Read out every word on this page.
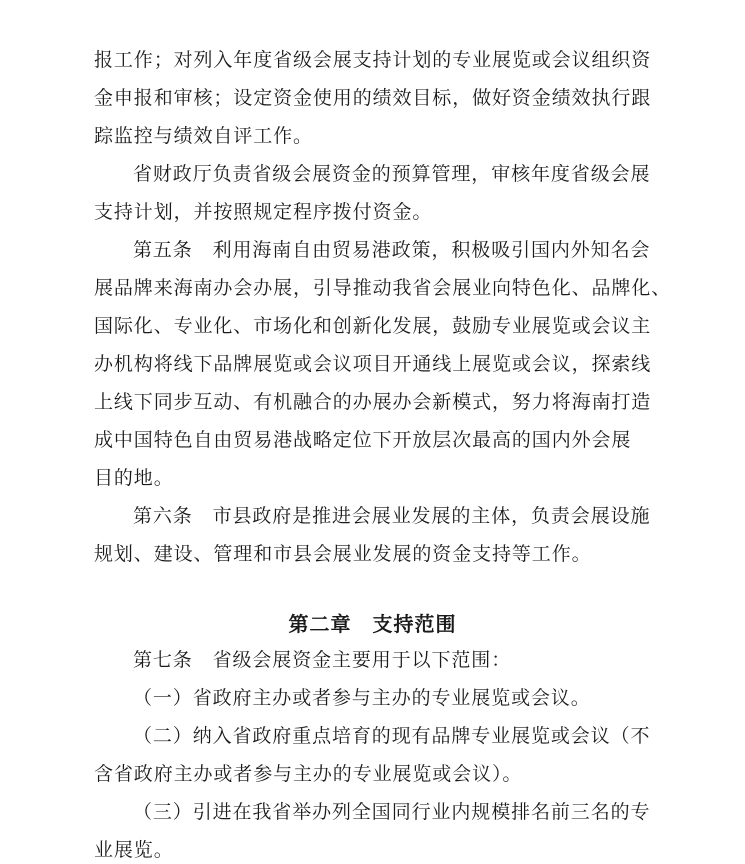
报工作；对列入年度省级会展支持计划的专业展览或会议组织资
金申报和审核；设定资金使用的绩效目标，做好资金绩效执行跟
踪监控与绩效自评工作。
省财政厅负责省级会展资金的预算管理，审核年度省级会展
支持计划，并按照规定程序拨付资金。
第五条　利用海南自由贸易港政策，积极吸引国内外知名会
展品牌来海南办会办展，引导推动我省会展业向特色化、品牌化、
国际化、专业化、市场化和创新化发展，鼓励专业展览或会议主
办机构将线下品牌展览或会议项目开通线上展览或会议，探索线
上线下同步互动、有机融合的办展办会新模式，努力将海南打造
成中国特色自由贸易港战略定位下开放层次最高的国内外会展
目的地。
第六条　市县政府是推进会展业发展的主体，负责会展设施
规划、建设、管理和市县会展业发展的资金支持等工作。
第二章　支持范围
第七条　省级会展资金主要用于以下范围：
（一）省政府主办或者参与主办的专业展览或会议。
（二）纳入省政府重点培育的现有品牌专业展览或会议（不
含省政府主办或者参与主办的专业展览或会议）。
（三）引进在我省举办列全国同行业内规模排名前三名的专
业展览。
